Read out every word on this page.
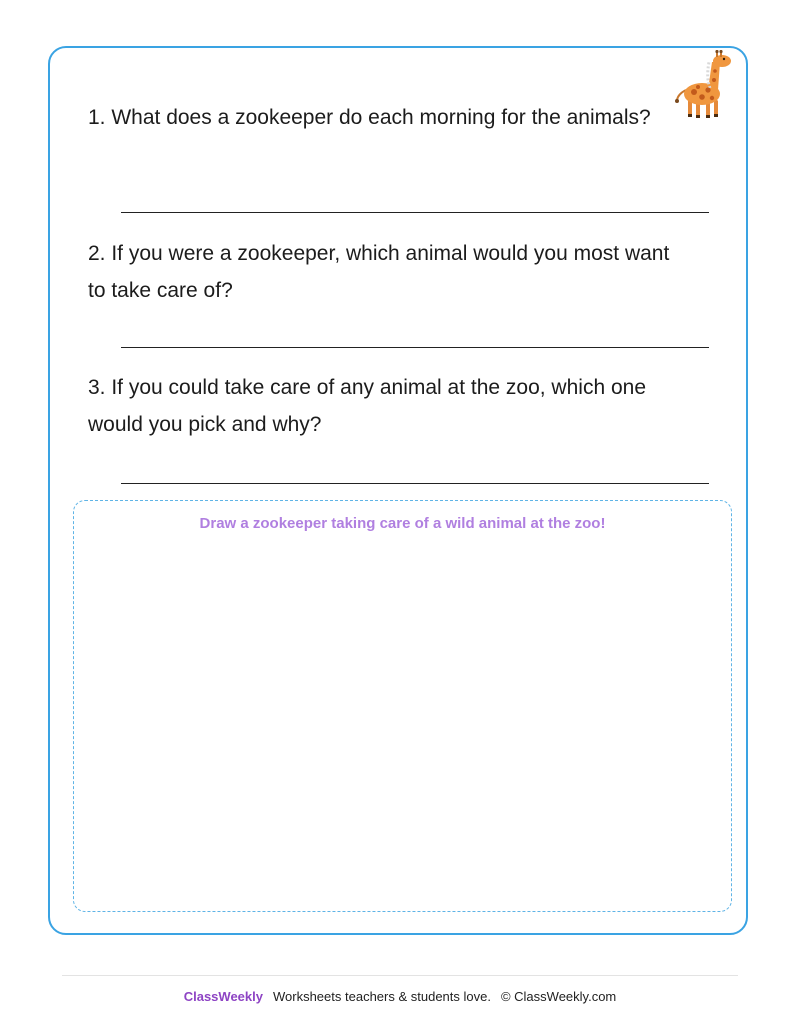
1. What does a zookeeper do each morning for the animals?
2. If you were a zookeeper, which animal would you most want to take care of?
3. If you could take care of any animal at the zoo, which one would you pick and why?
Draw a zookeeper taking care of a wild animal at the zoo!
ClassWeekly Worksheets teachers & students love. © ClassWeekly.com
